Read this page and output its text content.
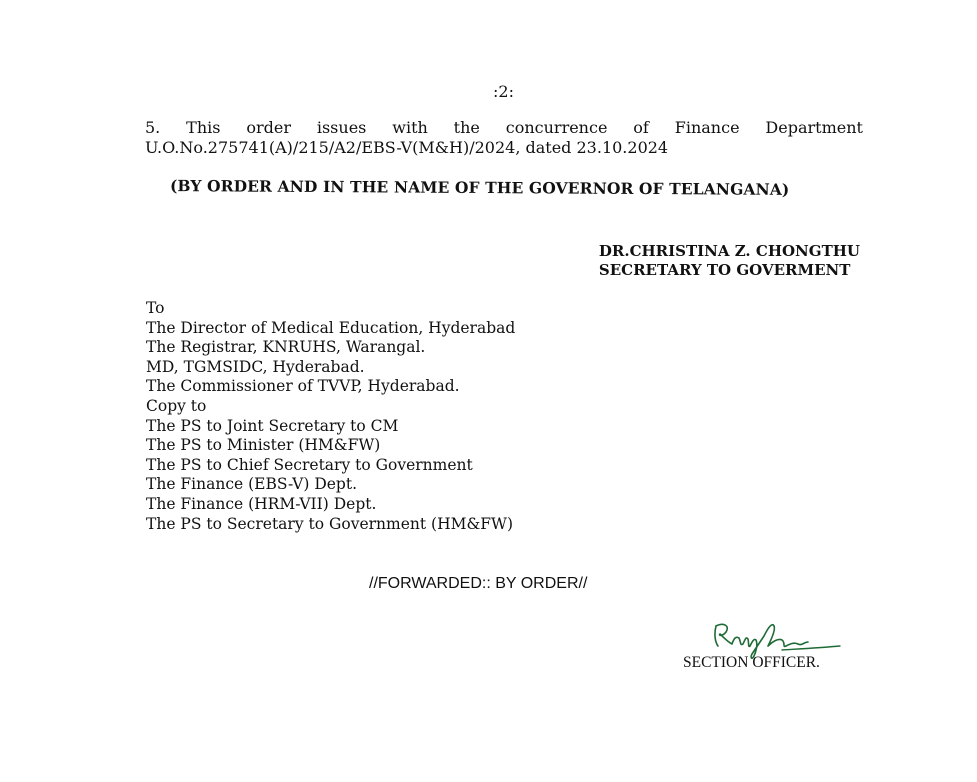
:2:
5. This order issues with the concurrence of Finance Department
U.O.No.275741(A)/215/A2/EBS-V(M&H)/2024, dated 23.10.2024
(BY ORDER AND IN THE NAME OF THE GOVERNOR OF TELANGANA)
DR.CHRISTINA Z. CHONGTHU
SECRETARY TO GOVERMENT
To
The Director of Medical Education, Hyderabad
The Registrar, KNRUHS, Warangal.
MD, TGMSIDC, Hyderabad.
The Commissioner of TVVP, Hyderabad.
Copy to
The PS to Joint Secretary to CM
The PS to Minister (HM&FW)
The PS to Chief Secretary to Government
The Finance (EBS-V) Dept.
The Finance (HRM-VII) Dept.
The PS to Secretary to Government (HM&FW)
//FORWARDED:: BY ORDER//
SECTION OFFICER.
